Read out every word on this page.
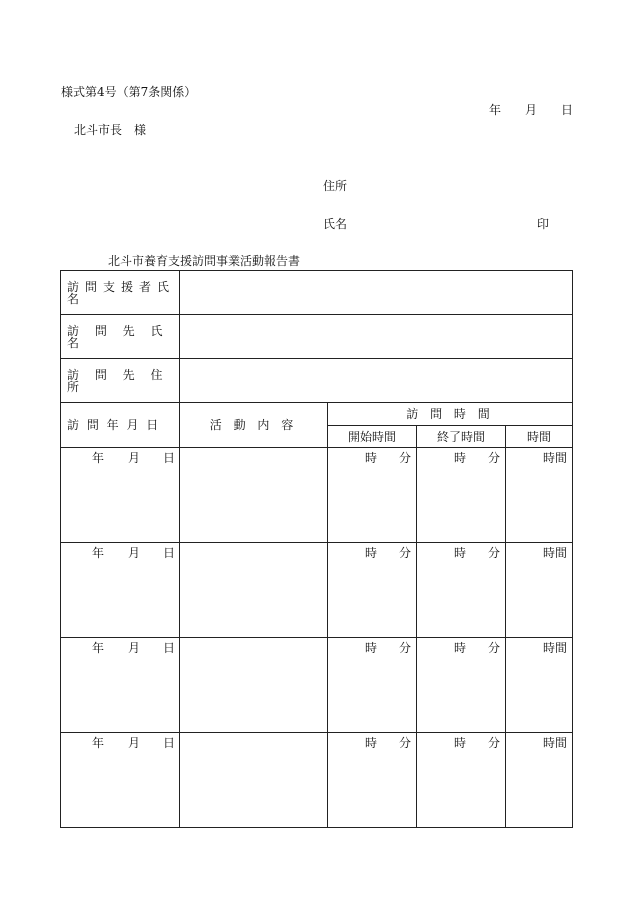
様式第4号（第7条関係）
年 月 日
北斗市長　様
住所
氏名	印
北斗市養育支援訪問事業活動報告書
訪問支援者氏名				
訪 問 先 氏 名				
訪 問 先 住 所				
訪 問 年 月 日	活 動 内 容	訪 問 時 間		
		開始時間	終了時間	時間

年 月 日		時 分	時 分	時間

年 月 日		時 分	時 分	時間

年 月 日		時 分	時 分	時間

年 月 日		時 分	時 分	時間
